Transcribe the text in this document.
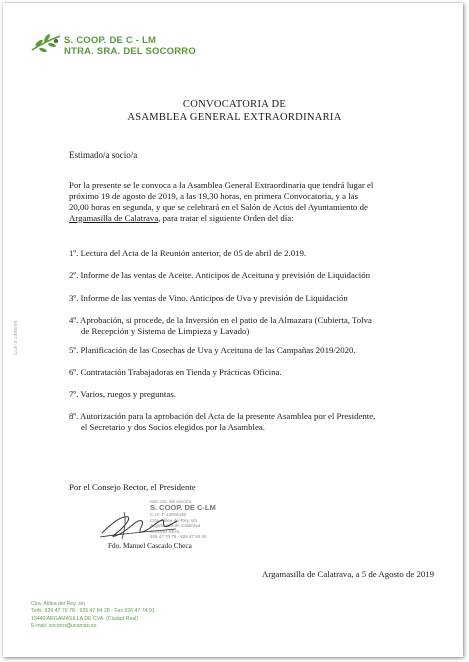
S. COOP. DE C - LM
NTRA. SRA. DEL SOCORRO
CONVOCATORIA DE
ASAMBLEA GENERAL EXTRAORDINARIA
Estimado/a socio/a
Por la presente se le convoca a la Asamblea General Extraordinaria que tendrá lugar el
próximo 19 de agosto de 2019, a las 19,30 horas, en primera Convocatoria, y a las
20,00 horas en segunda, y que se celebrará en el Salón de Actos del Ayuntamiento de
Argamasilla de Calatrava, para tratar el siguiente Orden del día:
1º. Lectura del Acta de la Reunión anterior, de 05 de abril de 2.019.
2º. Informe de las ventas de Aceite. Anticipos de Aceituna y previsión de Liquidación
3º. Informe de las ventas de Vino. Anticipos de Uva y previsión de Liquidación
4º. Aprobación, si procede, de la Inversión en el patio de la Almazara (Cubierta, Tolva
de Recepción y Sistema de Limpieza y Lavado)
5º. Planificación de las Cosechas de Uva y Aceituna de las Campañas 2019/2020.
6º. Contratación Trabajadoras en Tienda y Prácticas Oficina.
7º. Varios, ruegos y preguntas.
8º. Autorización para la aprobación del Acta de la presente Asamblea por el Presidente,
el Secretario y dos Socios elegidos por la Asamblea.
CLE-3-1306/06
Por el Consejo Rector, el Presidente
ntra. sra. del socorro
S. COOP. DE C-LM
C.I.F. F-13006436
Ctra. Aldea del Rey, s/n
Argamasilla de Calatrava
CIUDAD REAL
926 47 70 78 - 926 47 84 29
Fdo. Manuel Cascado Checa
Argamasilla de Calatrava, a 5 de Agosto de 2019
Ctra. Aldea del Rey, s/n
Telfs. 926 47 70 78 - 926 47 84 28 - Fax 926 47 74 91
13440 ARGAMASILLA DE CVA. (Ciudad Real)
E-mail: socorro@ucaman.es
